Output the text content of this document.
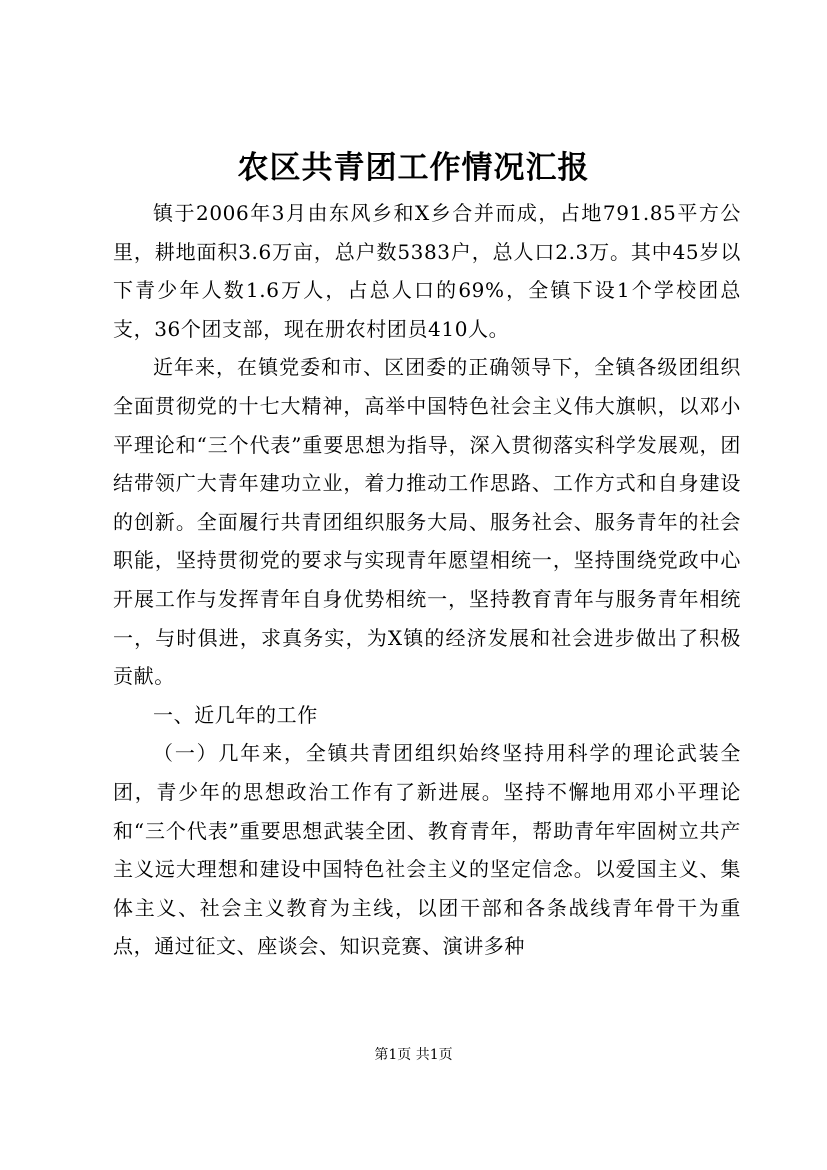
农区共青团工作情况汇报

镇于2006年3月由东风乡和X乡合并而成，占地791.85平方公里，耕地面积3.6万亩，总户数5383户，总人口2.3万。其中45岁以下青少年人数1.6万人，占总人口的69%，全镇下设1个学校团总支，36个团支部，现在册农村团员410人。

近年来，在镇党委和市、区团委的正确领导下，全镇各级团组织全面贯彻党的十七大精神，高举中国特色社会主义伟大旗帜，以邓小平理论和“三个代表”重要思想为指导，深入贯彻落实科学发展观，团结带领广大青年建功立业，着力推动工作思路、工作方式和自身建设的创新。全面履行共青团组织服务大局、服务社会、服务青年的社会职能，坚持贯彻党的要求与实现青年愿望相统一，坚持围绕党政中心开展工作与发挥青年自身优势相统一，坚持教育青年与服务青年相统一，与时俱进，求真务实，为X镇的经济发展和社会进步做出了积极贡献。

一、近几年的工作

（一）几年来，全镇共青团组织始终坚持用科学的理论武装全团，青少年的思想政治工作有了新进展。坚持不懈地用邓小平理论和“三个代表”重要思想武装全团、教育青年，帮助青年牢固树立共产主义远大理想和建设中国特色社会主义的坚定信念。以爱国主义、集体主义、社会主义教育为主线，以团干部和各条战线青年骨干为重点，通过征文、座谈会、知识竞赛、演讲多种

第1页 共1页
